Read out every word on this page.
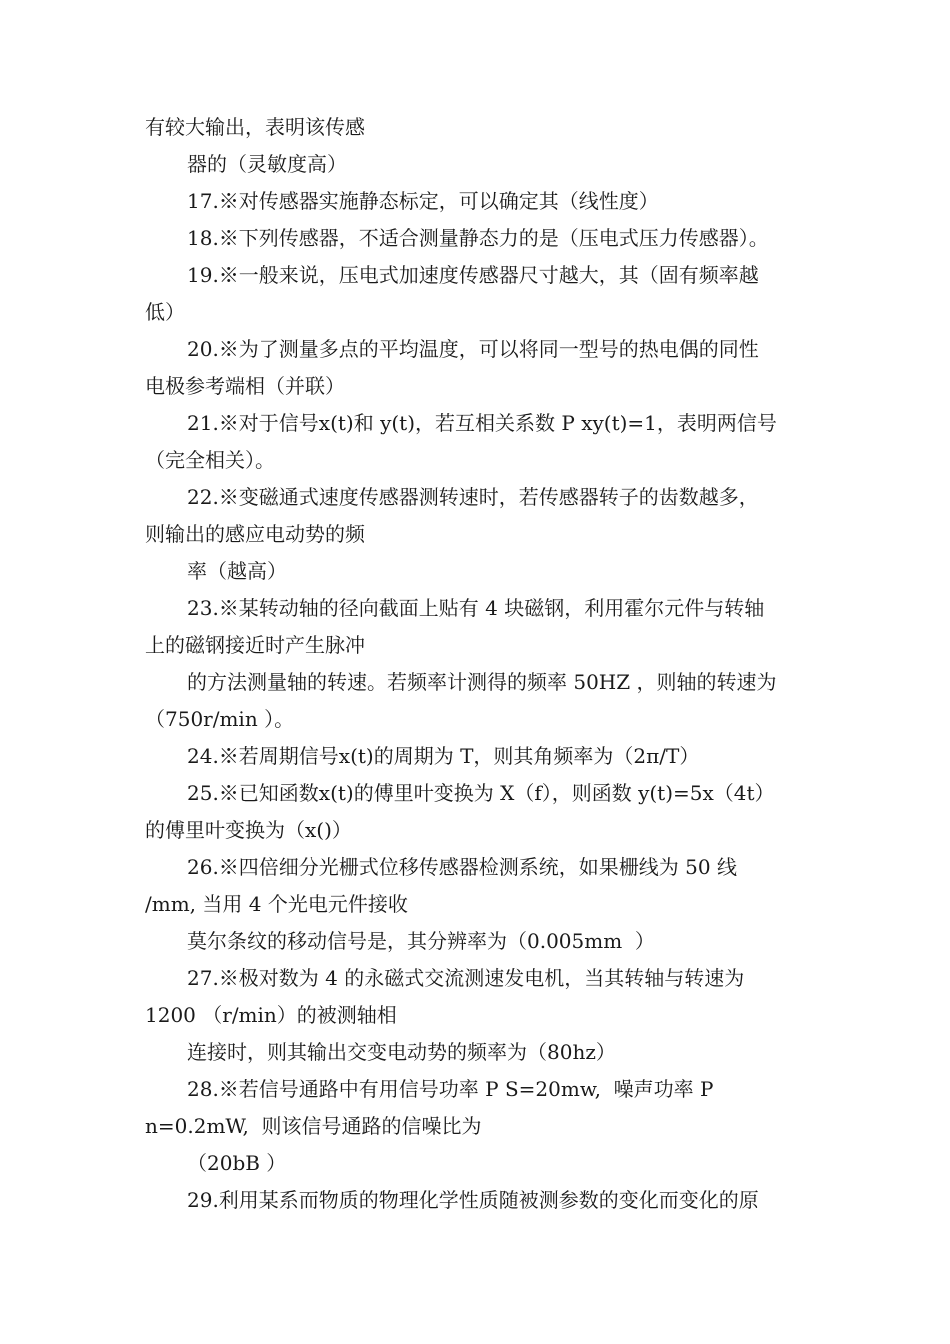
有较大输出，表明该传感
器的（灵敏度高）
17.※对传感器实施静态标定，可以确定其（线性度）
18.※下列传感器，不适合测量静态力的是（压电式压力传感器）。
19.※一般来说，压电式加速度传感器尺寸越大，其（固有频率越
低）
20.※为了测量多点的平均温度，可以将同一型号的热电偶的同性
电极参考端相（并联）
21.※对于信号x(t)和 y(t)，若互相关系数 P xy(t)=1，表明两信号
（完全相关）。
22.※变磁通式速度传感器测转速时，若传感器转子的齿数越多，
则输出的感应电动势的频
率（越高）
23.※某转动轴的径向截面上贴有 4 块磁钢，利用霍尔元件与转轴
上的磁钢接近时产生脉冲
的方法测量轴的转速。若频率计测得的频率 50HZ ，则轴的转速为
（750r/min ）。
24.※若周期信号x(t)的周期为 T，则其角频率为（2π/T）
25.※已知函数x(t)的傅里叶变换为 X（f），则函数 y(t)=5x（4t）
的傅里叶变换为（x()）
26.※四倍细分光栅式位移传感器检测系统，如果栅线为 50 线
/mm, 当用 4 个光电元件接收
莫尔条纹的移动信号是，其分辨率为（0.005mm  ）
27.※极对数为 4 的永磁式交流测速发电机，当其转轴与转速为
1200 （r/min）的被测轴相
连接时，则其输出交变电动势的频率为（80hz）
28.※若信号通路中有用信号功率 P S=20mw,  噪声功率 P
n=0.2mW,  则该信号通路的信噪比为
（20bB ）
29.利用某系而物质的物理化学性质随被测参数的变化而变化的原
